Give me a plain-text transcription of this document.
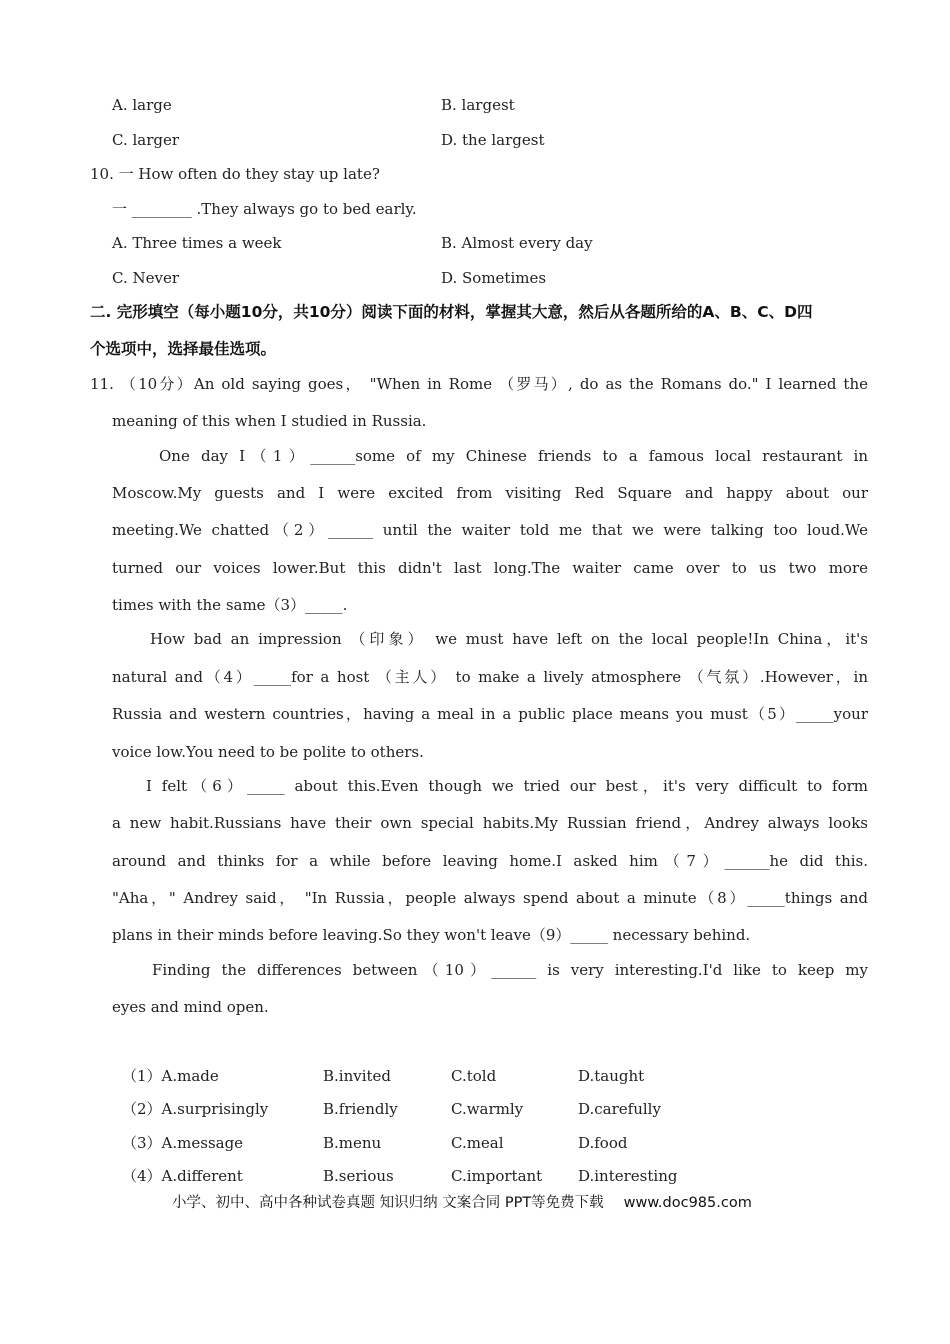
A. large	B. largest
C. larger	D. the largest
10. 一 How often do they stay up late?
一 ________ .They always go to bed early.
A. Three times a week	B. Almost every day
C. Never	D. Sometimes
二. 完形填空（每小题10分，共10分）阅读下面的材料，掌握其大意，然后从各题所给的A、B、C、D四
个选项中，选择最佳选项。
11. （10分）An old saying goes， "When in Rome （罗马）, do as the Romans do." I learned the
meaning of this when I studied in Russia.
One day I（1）______some of my Chinese friends to a famous local restaurant in
Moscow.My guests and I were excited from visiting Red Square and happy about our
meeting.We chatted（2）______ until the waiter told me that we were talking too loud.We
turned our voices lower.But this didn't last long.The waiter came over to us two more
times with the same（3）_____.
How bad an impression （印象） we must have left on the local people!In China，it's
natural and（4）_____for a host （主人） to make a lively atmosphere （气氛）.However，in
Russia and western countries，having a meal in a public place means you must（5）_____your
voice low.You need to be polite to others.
I felt（6）_____ about this.Even though we tried our best，it's very difficult to form
a new habit.Russians have their own special habits.My Russian friend，Andrey always looks
around and thinks for a while before leaving home.I asked him（7）______he did this.
"Aha，" Andrey said， "In Russia，people always spend about a minute（8）_____things and
plans in their minds before leaving.So they won't leave（9）_____ necessary behind.
Finding the differences between（10）______ is very interesting.I'd like to keep my
eyes and mind open.
（1）A.made	B.invited	C.told	D.taught
（2）A.surprisingly	B.friendly	C.warmly	D.carefully
（3）A.message	B.menu	C.meal	D.food
（4）A.different	B.serious	C.important D.interesting
小学、初中、高中各种试卷真题 知识归纳 文案合同 PPT等免费下载 www.doc985.com
